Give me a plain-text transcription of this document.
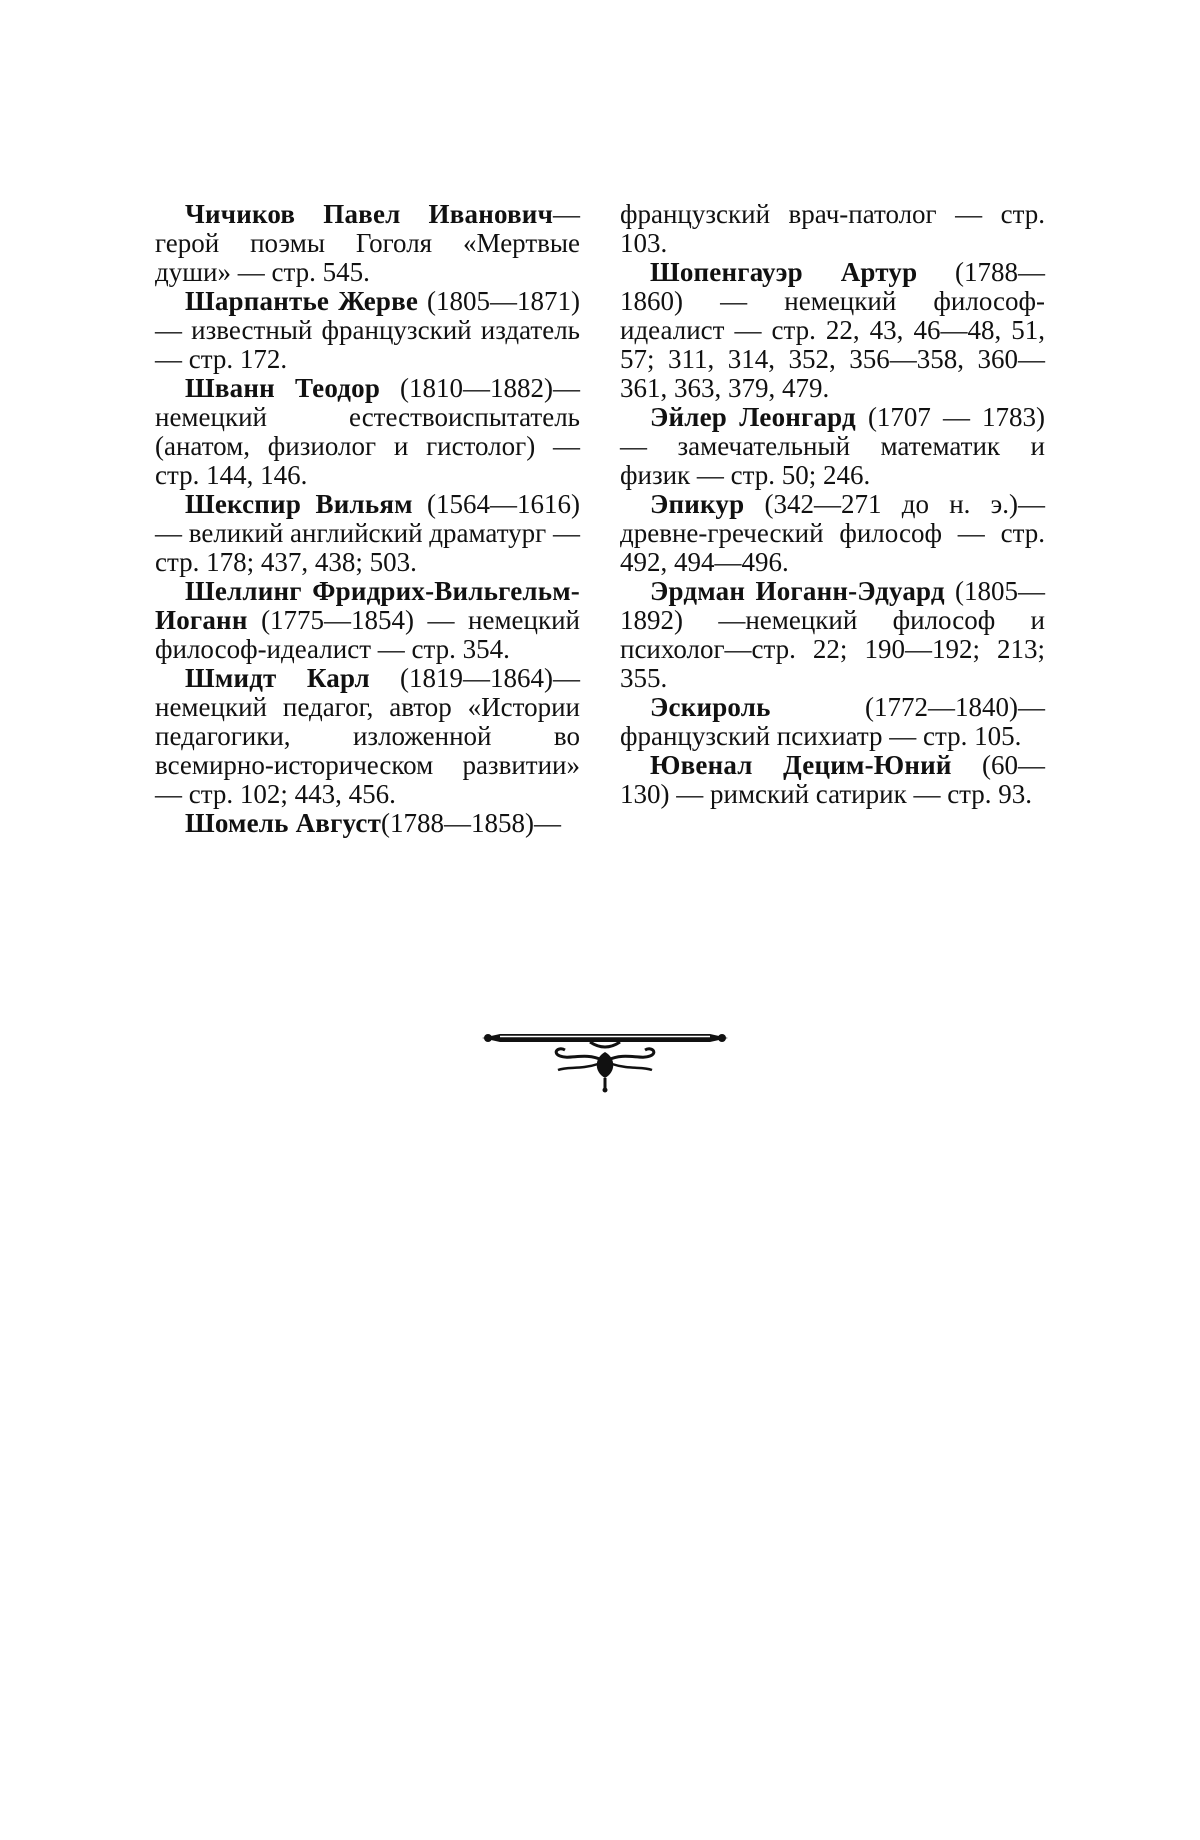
Чичиков Павел Иванович— герой поэмы Гоголя «Мертвые души» — стр. 545.

Шарпантье Жерве (1805—1871) — известный французский издатель — стр. 172.

Шванн Теодор (1810—1882)— немецкий естествоиспытатель (анатом, физиолог и гистолог) — стр. 144, 146.

Шекспир Вильям (1564—1616) — великий английский драматург — стр. 178; 437, 438; 503.

Шеллинг Фридрих-Вильгельм-Иоганн (1775—1854) — немецкий философ-идеалист — стр. 354.

Шмидт Карл (1819—1864)— немецкий педагог, автор «Истории педагогики, изложенной во всемирно-историческом развитии» — стр. 102; 443, 456.

Шомель Август(1788—1858)—

французский врач-патолог — стр. 103.

Шопенгауэр Артур (1788—1860) — немецкий философ-идеалист — стр. 22, 43, 46—48, 51, 57; 311, 314, 352, 356—358, 360—361, 363, 379, 479.

Эйлер Леонгард (1707 — 1783) — замечательный математик и физик — стр. 50; 246.

Эпикур (342—271 до н. э.)— древне-греческий философ — стр. 492, 494—496.

Эрдман Иоганн-Эдуард (1805— 1892) —немецкий философ и психолог—стр. 22; 190—192; 213; 355.

Эскироль (1772—1840)— французский психиатр — стр. 105.

Ювенал Децим-Юний (60—130) — римский сатирик — стр. 93.
